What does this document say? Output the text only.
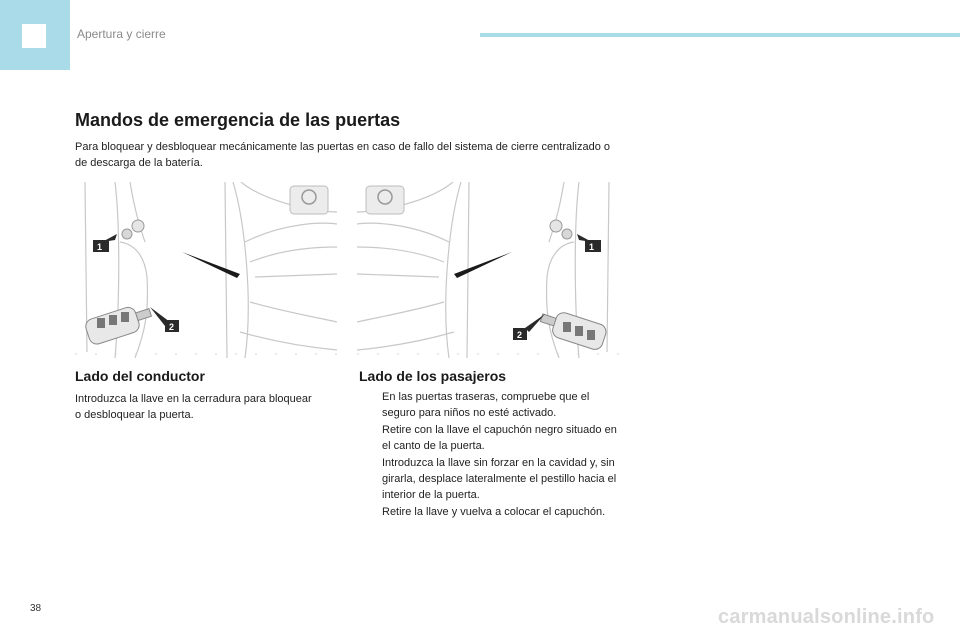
Apertura y cierre
Mandos de emergencia de las puertas

Para bloquear y desbloquear mecánicamente las puertas en caso de fallo del sistema de cierre centralizado o de descarga de la batería.

1
2
1
2
Lado del conductor

Introduzca la llave en la cerradura para bloquear o desbloquear la puerta.

Lado de los pasajeros
En las puertas traseras, compruebe que el seguro para niños no esté activado.
Retire con la llave el capuchón negro situado en el canto de la puerta.
Introduzca la llave sin forzar en la cavidad y, sin girarla, desplace lateralmente el pestillo hacia el interior de la puerta.
Retire la llave y vuelva a colocar el capuchón.
38	carmanualsonline.info
